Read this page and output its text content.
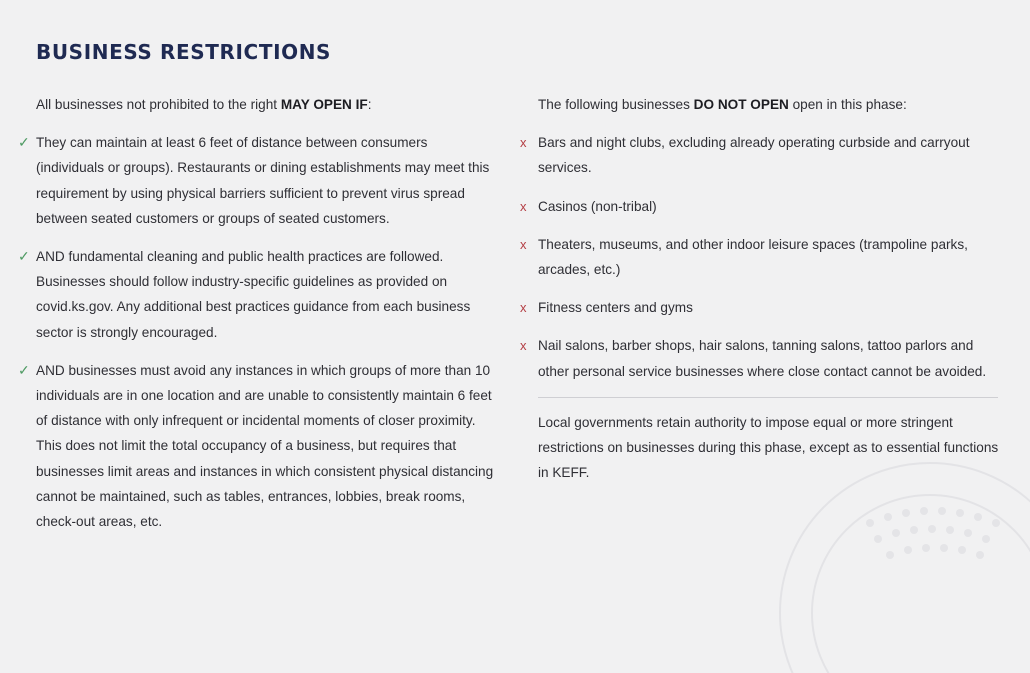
BUSINESS RESTRICTIONS

All businesses not prohibited to the right MAY OPEN IF:

✓ They can maintain at least 6 feet of distance between consumers (individuals or groups). Restaurants or dining establishments may meet this requirement by using physical barriers sufficient to prevent virus spread between seated customers or groups of seated customers.
✓ AND fundamental cleaning and public health practices are followed. Businesses should follow industry-specific guidelines as provided on covid.ks.gov. Any additional best practices guidance from each business sector is strongly encouraged.
✓ AND businesses must avoid any instances in which groups of more than 10 individuals are in one location and are unable to consistently maintain 6 feet of distance with only infrequent or incidental moments of closer proximity. This does not limit the total occupancy of a business, but requires that businesses limit areas and instances in which consistent physical distancing cannot be maintained, such as tables, entrances, lobbies, break rooms, check-out areas, etc.

The following businesses DO NOT OPEN open in this phase:

x Bars and night clubs, excluding already operating curbside and carryout services.
x Casinos (non-tribal)
x Theaters, museums, and other indoor leisure spaces (trampoline parks, arcades, etc.)
x Fitness centers and gyms
x Nail salons, barber shops, hair salons, tanning salons, tattoo parlors and other personal service businesses where close contact cannot be avoided.

Local governments retain authority to impose equal or more stringent restrictions on businesses during this phase, except as to essential functions in KEFF.
